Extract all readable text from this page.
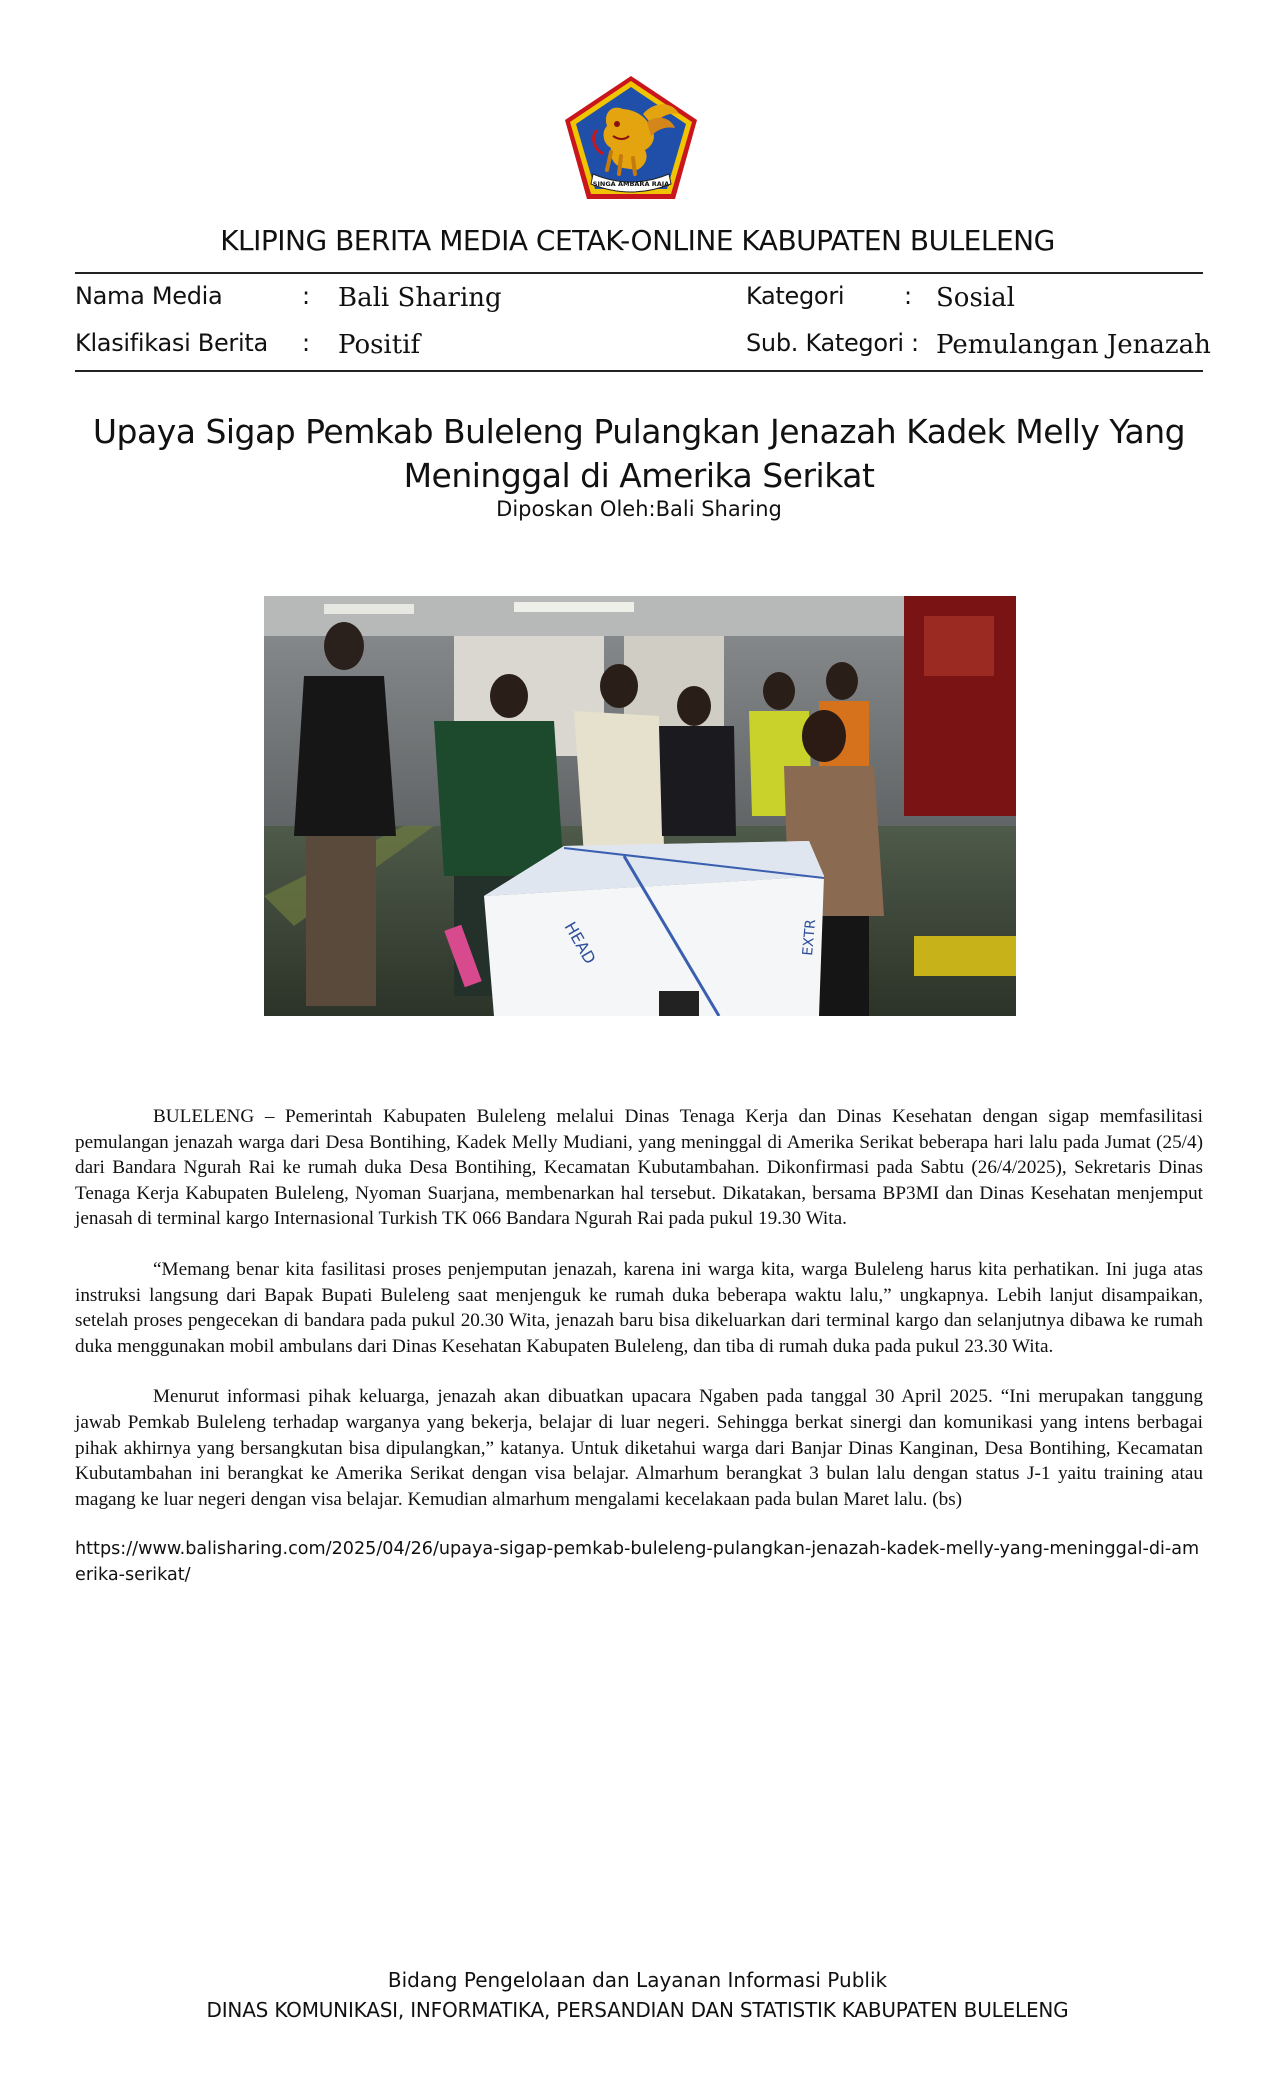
SINGA AMBARA RAJA
KLIPING BERITA MEDIA CETAK-ONLINE KABUPATEN BULELENG
Nama Media	: Bali Sharing	Kategori : Sosial
Klasifikasi Berita : Positif	Sub. Kategori : Pemulangan Jenazah
Upaya Sigap Pemkab Buleleng Pulangkan Jenazah Kadek Melly Yang
Meninggal di Amerika Serikat
Diposkan Oleh:Bali Sharing
HEAD	EXTR

BULELENG – Pemerintah Kabupaten Buleleng melalui Dinas Tenaga Kerja dan Dinas Kesehatan dengan sigap memfasilitasi pemulangan jenazah warga dari Desa Bontihing, Kadek Melly Mudiani, yang meninggal di Amerika Serikat beberapa hari lalu pada Jumat (25/4) dari Bandara Ngurah Rai ke rumah duka Desa Bontihing, Kecamatan Kubutambahan. Dikonfirmasi pada Sabtu (26/4/2025), Sekretaris Dinas Tenaga Kerja Kabupaten Buleleng, Nyoman Suarjana, membenarkan hal tersebut. Dikatakan, bersama BP3MI dan Dinas Kesehatan menjemput jenasah di terminal kargo Internasional Turkish TK 066 Bandara Ngurah Rai pada pukul 19.30 Wita.

“Memang benar kita fasilitasi proses penjemputan jenazah, karena ini warga kita, warga Buleleng harus kita perhatikan. Ini juga atas instruksi langsung dari Bapak Bupati Buleleng saat menjenguk ke rumah duka beberapa waktu lalu,” ungkapnya. Lebih lanjut disampaikan, setelah proses pengecekan di bandara pada pukul 20.30 Wita, jenazah baru bisa dikeluarkan dari terminal kargo dan selanjutnya dibawa ke rumah duka menggunakan mobil ambulans dari Dinas Kesehatan Kabupaten Buleleng, dan tiba di rumah duka pada pukul 23.30 Wita.

Menurut informasi pihak keluarga, jenazah akan dibuatkan upacara Ngaben pada tanggal 30 April 2025. “Ini merupakan tanggung jawab Pemkab Buleleng terhadap warganya yang bekerja, belajar di luar negeri. Sehingga berkat sinergi dan komunikasi yang intens berbagai pihak akhirnya yang bersangkutan bisa dipulangkan,” katanya. Untuk diketahui warga dari Banjar Dinas Kanginan, Desa Bontihing, Kecamatan Kubutambahan ini berangkat ke Amerika Serikat dengan visa belajar. Almarhum berangkat 3 bulan lalu dengan status J-1 yaitu training atau magang ke luar negeri dengan visa belajar. Kemudian almarhum mengalami kecelakaan pada bulan Maret lalu. (bs)

https://www.balisharing.com/2025/04/26/upaya-sigap-pemkab-buleleng-pulangkan-jenazah-kadek-melly-yang-meninggal-di-amerika-serikat/

Bidang Pengelolaan dan Layanan Informasi Publik
DINAS KOMUNIKASI, INFORMATIKA, PERSANDIAN DAN STATISTIK KABUPATEN BULELENG
